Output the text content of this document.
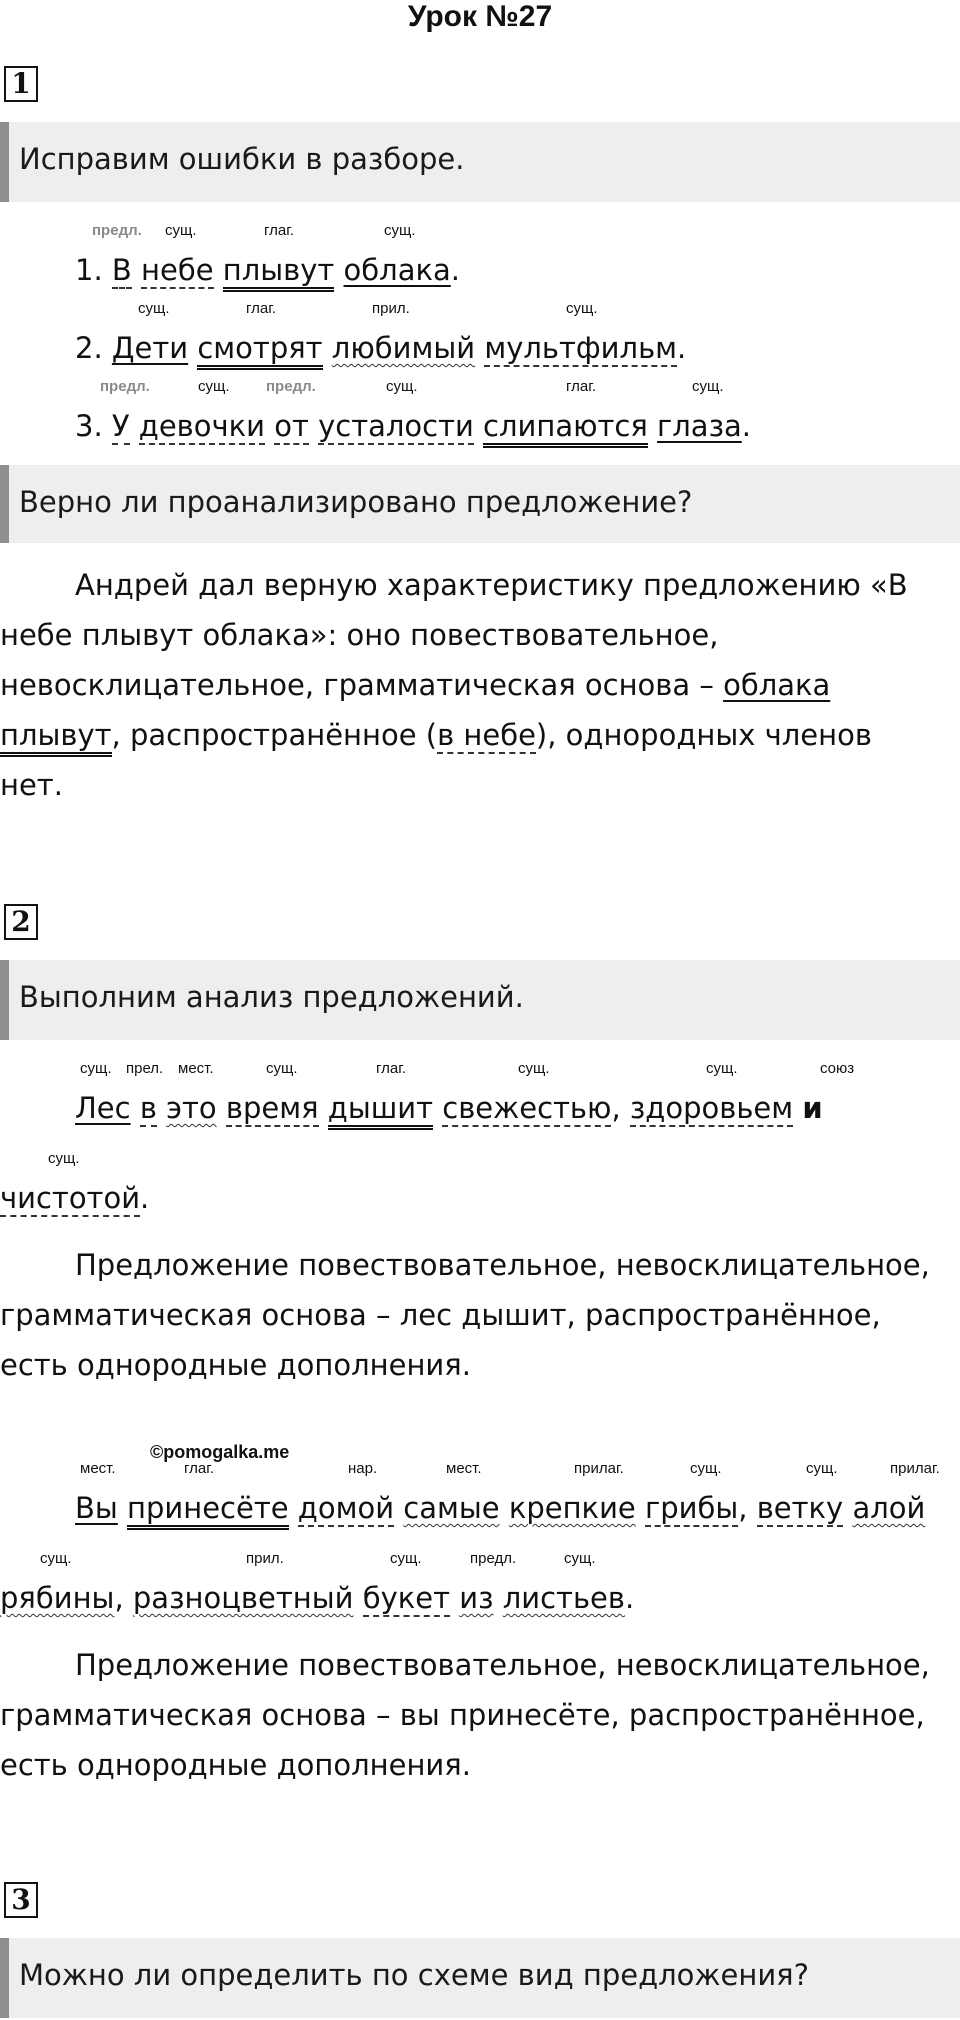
Урок №27
1
Исправим ошибки в разборе.
предл. сущ.	глаг.	сущ.
1. В небе плывут облака.
сущ.	глаг.	прил.	сущ.
2. Дети смотрят любимый мультфильм.
предл.	сущ. предл.	сущ.	глаг.	сущ.
3. У девочки от усталости слипаются глаза.
Верно ли проанализировано предложение?
Андрей дал верную характеристику предложению «В
небе плывут облака»: оно повествовательное,
невосклицательное, грамматическая основа – облака
плывут, распространённое (в небе), однородных членов
нет.
2
Выполним анализ предложений.
сущ. прел. мест.	сущ.	глаг.	сущ.	сущ.	союз
Лес в это время дышит свежестью, здоровьем и
сущ.
чистотой.
Предложение повествовательное, невосклицательное,
грамматическая основа – лес дышит, распространённое,
есть однородные дополнения.
©pomogalka.me
мест.	глаг.	нар.	мест.	прилаг.	сущ.	сущ.	прилаг.
Вы принесёте домой самые крепкие грибы, ветку алой
сущ.	прил.	сущ.	предл.	сущ.
рябины, разноцветный букет из листьев.
Предложение повествовательное, невосклицательное,
грамматическая основа – вы принесёте, распространённое,
есть однородные дополнения.
3
Можно ли определить по схеме вид предложения?
